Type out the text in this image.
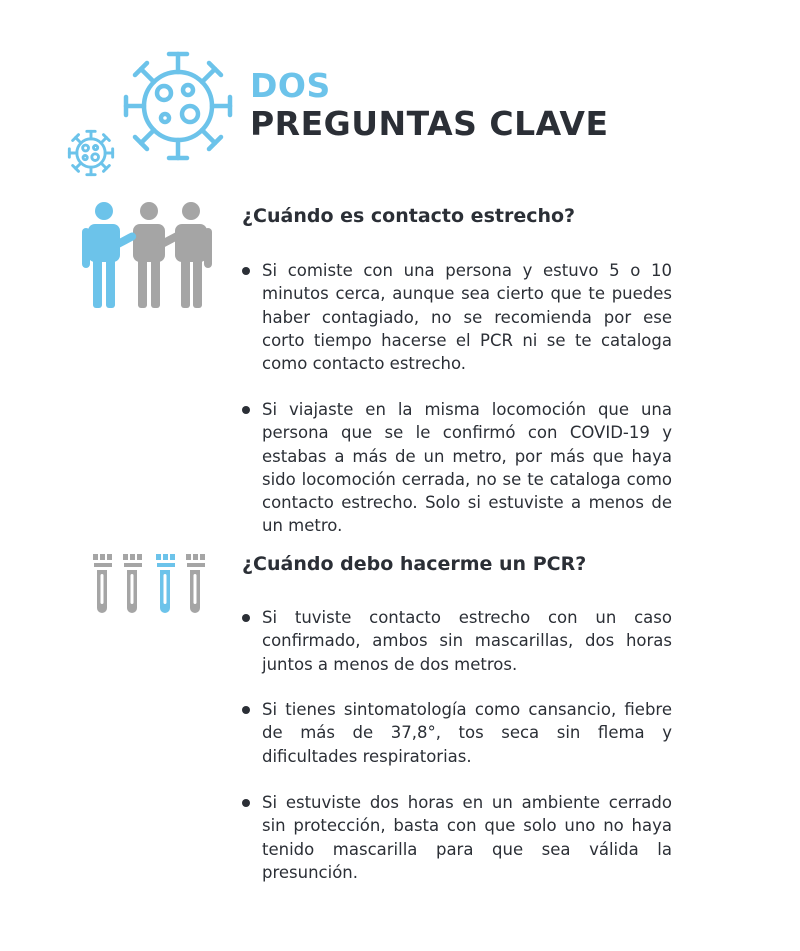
DOS
PREGUNTAS CLAVE
¿Cuándo es contacto estrecho?
Si comiste con una persona y estuvo 5 o 10 minutos cerca, aunque sea cierto que te puedes haber contagiado, no se recomienda por ese corto tiempo hacerse el PCR ni se te cataloga como contacto estrecho.
Si viajaste en la misma locomoción que una persona que se le confirmó con COVID-19 y estabas a más de un metro, por más que haya sido locomoción cerrada, no se te cataloga como contacto estrecho. Solo si estuviste a menos de un metro.
¿Cuándo debo hacerme un PCR?
Si tuviste contacto estrecho con un caso confirmado, ambos sin mascarillas, dos horas juntos a menos de dos metros.
Si tienes sintomatología como cansancio, fiebre de más de 37,8°, tos seca sin flema y dificultades respiratorias.
Si estuviste dos horas en un ambiente cerrado sin protección, basta con que solo uno no haya tenido mascarilla para que sea válida la presunción.
